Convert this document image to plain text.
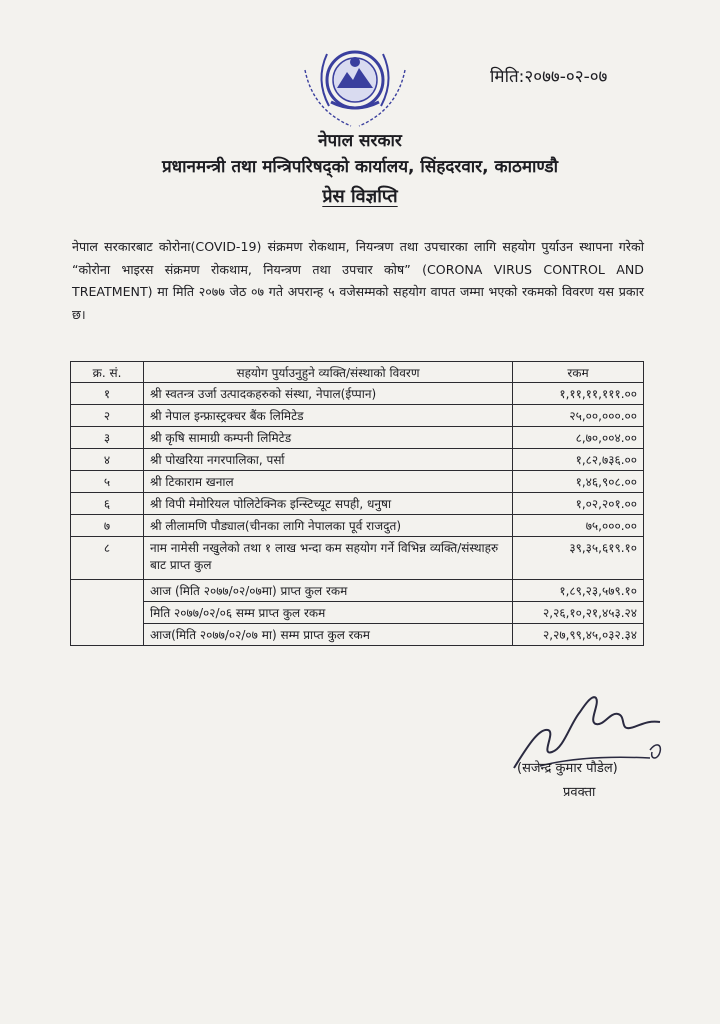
मिति:२०७७-०२-०७
नेपाल सरकार
प्रधानमन्त्री तथा मन्त्रिपरिषद्को कार्यालय, सिंहदरवार, काठमाण्डौ
प्रेस विज्ञप्ति
नेपाल सरकारबाट कोरोना(COVID-19) संक्रमण रोकथाम, नियन्त्रण तथा उपचारका लागि सहयोग पुर्याउन स्थापना गरेको “कोरोना भाइरस संक्रमण रोकथाम, नियन्त्रण तथा उपचार कोष” (CORONA VIRUS CONTROL AND TREATMENT) मा मिति २०७७ जेठ ०७ गते अपरान्ह ५ वजेसम्मको सहयोग वापत जम्मा भएको रकमको विवरण यस प्रकार छ।
क्र. सं.	सहयोग पुर्याउनुहुने व्यक्ति/संस्थाको विवरण	रकम
१	श्री स्वतन्त्र उर्जा उत्पादकहरुको संस्था, नेपाल(ईप्पान)	१,११,११,१११.००
२	श्री नेपाल इन्फ्रास्ट्रक्चर बैंक लिमिटेड	२५,००,०००.००
३	श्री कृषि सामाग्री कम्पनी लिमिटेड	८,७०,००४.००
४	श्री पोखरिया नगरपालिका, पर्सा	१,८२,७३६.००
५	श्री टिकाराम खनाल	१,४६,९०८.००
६	श्री विपी मेमोरियल पोलिटेक्निक इन्स्टिच्यूट सपही, धनुषा	१,०२,२०१.००
७	श्री लीलामणि पौड्याल(चीनका लागि नेपालका पूर्व राजदुत)	७५,०००.००
८	नाम नामेसी नखुलेको तथा १ लाख भन्दा कम सहयोग गर्ने विभिन्न व्यक्ति/संस्थाहरु बाट प्राप्त कुल	३९,३५,६१९.१०
	आज (मिति २०७७/०२/०७मा) प्राप्त कुल रकम	१,८९,२३,५७९.१०
	मिति २०७७/०२/०६ सम्म प्राप्त कुल रकम	२,२६,१०,२१,४५३.२४
	आज(मिति २०७७/०२/०७ मा) सम्म प्राप्त कुल रकम	२,२७,९९,४५,०३२.३४
(सजेन्द्र कुमार पौडेल)
प्रवक्ता
